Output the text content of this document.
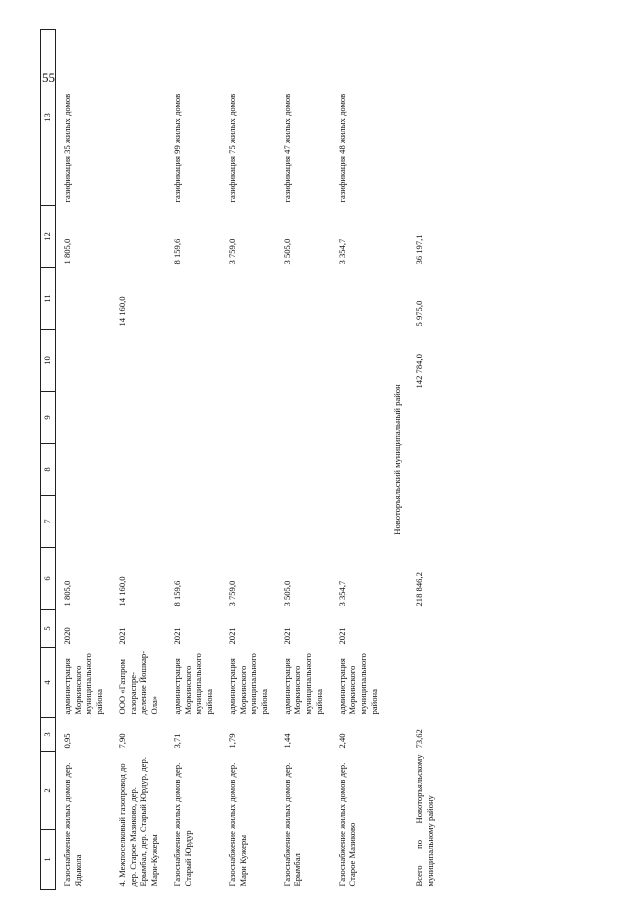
55
1	2	3	4	5	6	7	8	9	10	11	12	13
Газоснабжение жилых домов дер. Ядыкола		0,95	администрация Моркинского муниципального района	2020	1 805,0						1 805,0	газификация 35 жилых домов
4. Межпоселковый газопровод до дер. Старое Мазиково, дер. Ерымбал, дер. Старый Юрдур, дер. Мари-Кужеры		7,90	ООО «Газпром газораспре-деление Йошкар-Ола»	2021	14 160,0					14 160,0		
Газоснабжение жилых домов дер. Старый Юрдур		3,71	администрация Моркинского муниципального района	2021	8 159,6						8 159,6	газификация 99 жилых домов
Газоснабжение жилых домов дер. Мари Кужеры		1,79	администрация Моркинского муниципального района	2021	3 759,0						3 759,0	газификация 75 жилых домов
Газоснабжение жилых домов дер. Ерымбал		1,44	администрация Моркинского муниципального района	2021	3 505,0						3 505,0	газификация 47 жилых домов
Газоснабжение жилых домов дер. Старое Мазиково		2,40	администрация Моркинского муниципального района	2021	3 354,7						3 354,7	газификация 48 жилых домов
Новоторъяльский муниципальный район												
Всего по Новоторъяльскому муниципальному району		73,62			218 846,2				142 784,0	5 975,0	36 197,1	
